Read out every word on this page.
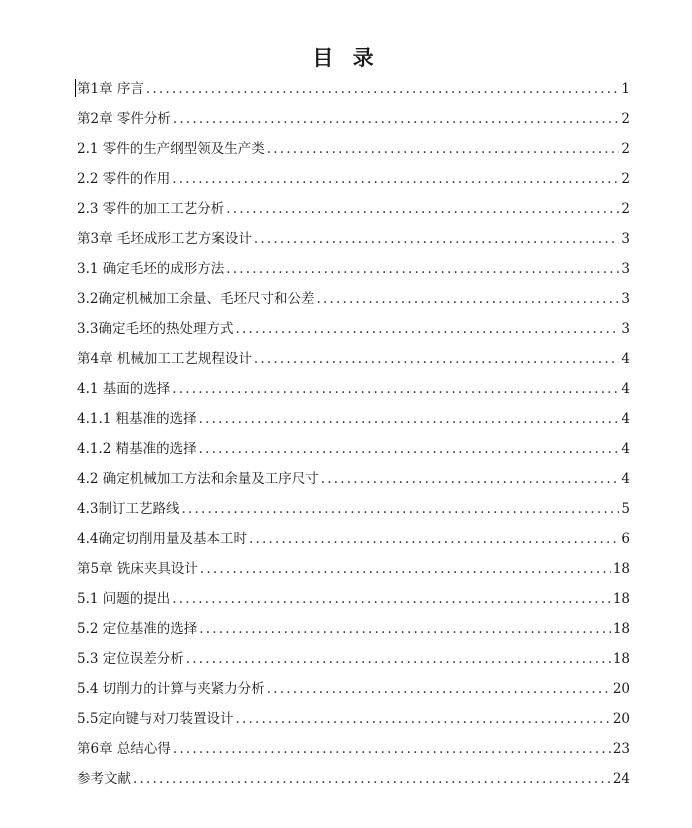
目 录
第1章 序言 .....	1
第2章 零件分析 .....	2
2.1 零件的生产纲型领及生产类 .....	2
2.2 零件的作用 .....	2
2.3 零件的加工工艺分析 .....	2
第3章 毛坯成形工艺方案设计 .....	3
3.1 确定毛坯的成形方法 .....	3
3.2确定机械加工余量、毛坯尺寸和公差 .....	3
3.3确定毛坯的热处理方式 .....	3
第4章 机械加工工艺规程设计 .....	4
4.1 基面的选择 .....	4
4.1.1 粗基准的选择 .....	4
4.1.2 精基准的选择 .....	4
4.2 确定机械加工方法和余量及工序尺寸 .....	4
4.3制订工艺路线 .....	5
4.4确定切削用量及基本工时 .....	6
第5章 铣床夹具设计 .....	18
5.1 问题的提出 .....	18
5.2 定位基准的选择 .....	18
5.3 定位误差分析 .....	18
5.4 切削力的计算与夹紧力分析 .....	20
5.5定向键与对刀装置设计 .....	20
第6章 总结心得 .....	23
参考文献 .....	24
